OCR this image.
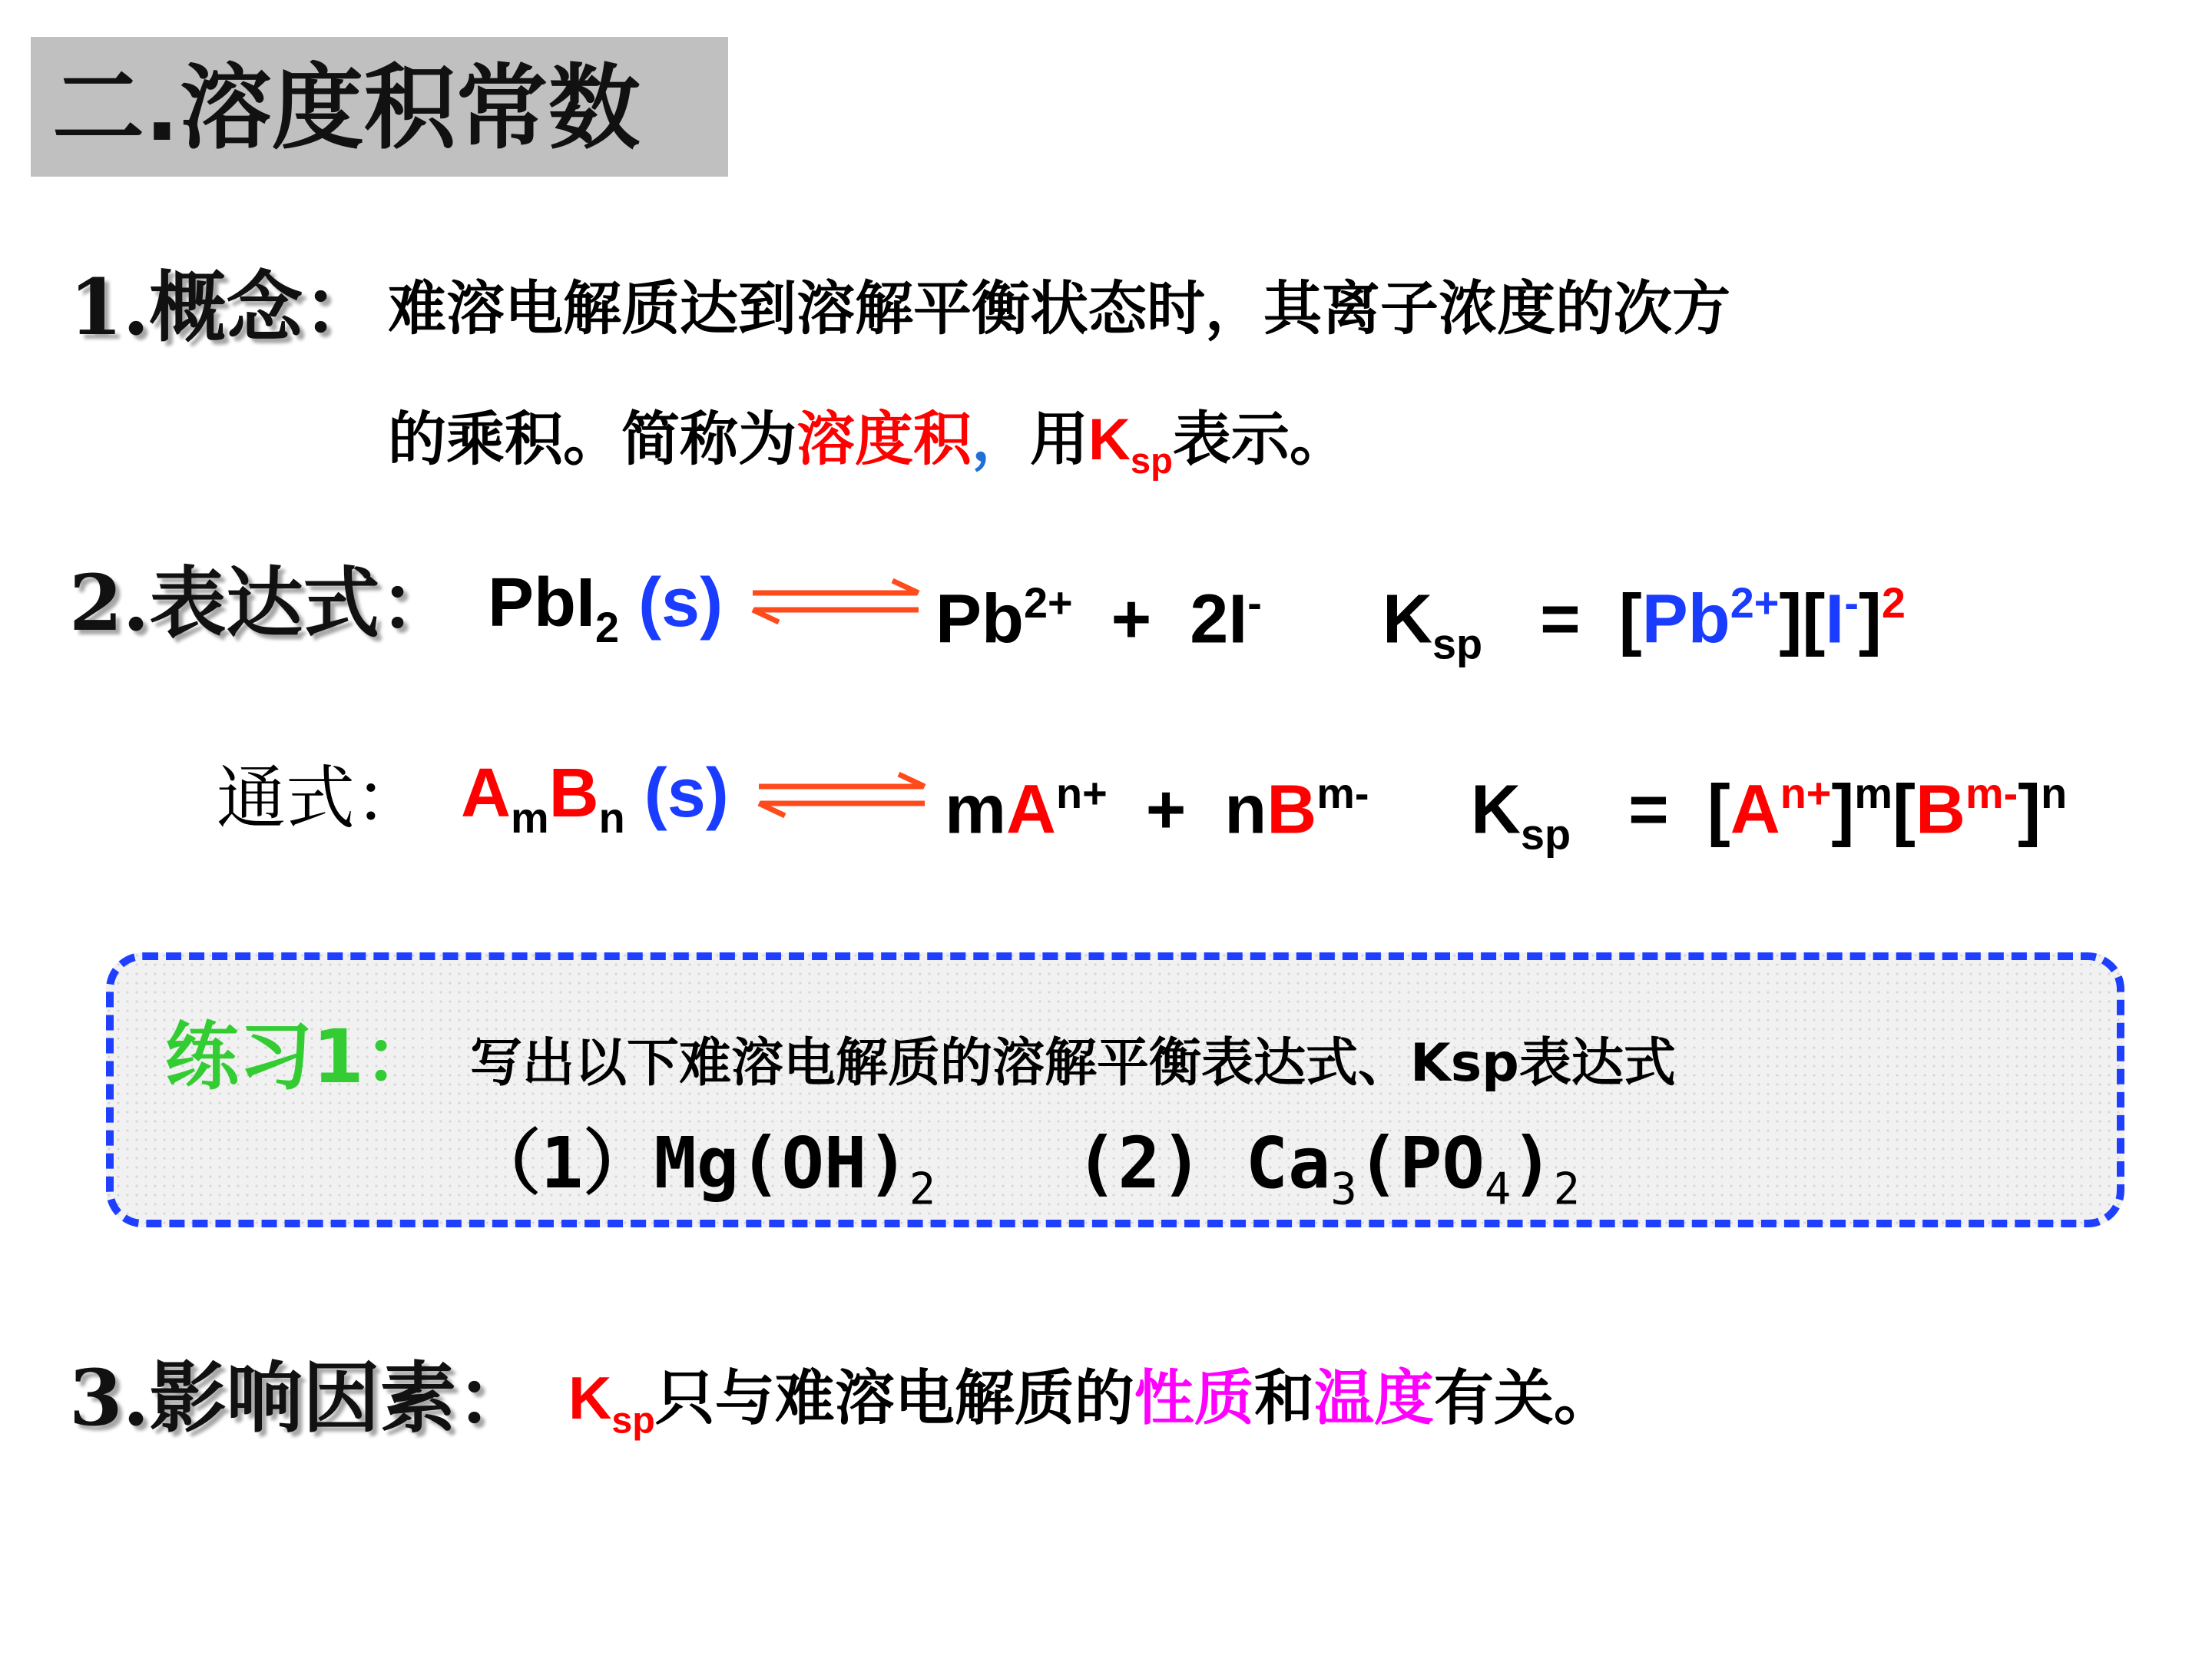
二.溶度积常数
1.概念： 难溶电解质达到溶解平衡状态时，其离子浓度的次方
的乘积。简称为溶度积，用$K_{sp}$表示。
2.表达式： PbI$_2$ (s)	$Pb^{2+} + 2I^-$ $K_{sp} = [Pb^{2+}][I^-]^2$
通式： $A_mB_n$ (s)	$mA^{n+} + nB^{m-}$ $K_{sp} = [A^{n+}]^m[B^{m-}]^n$
练习1： 写出以下难溶电解质的溶解平衡表达式、Ksp表达式
$(1)Mg(OH)_2$ (2) $Ca_3(PO_4)_2$
3.影响因素： $K_{sp}$只与难溶电解质的性质和温度有关。
